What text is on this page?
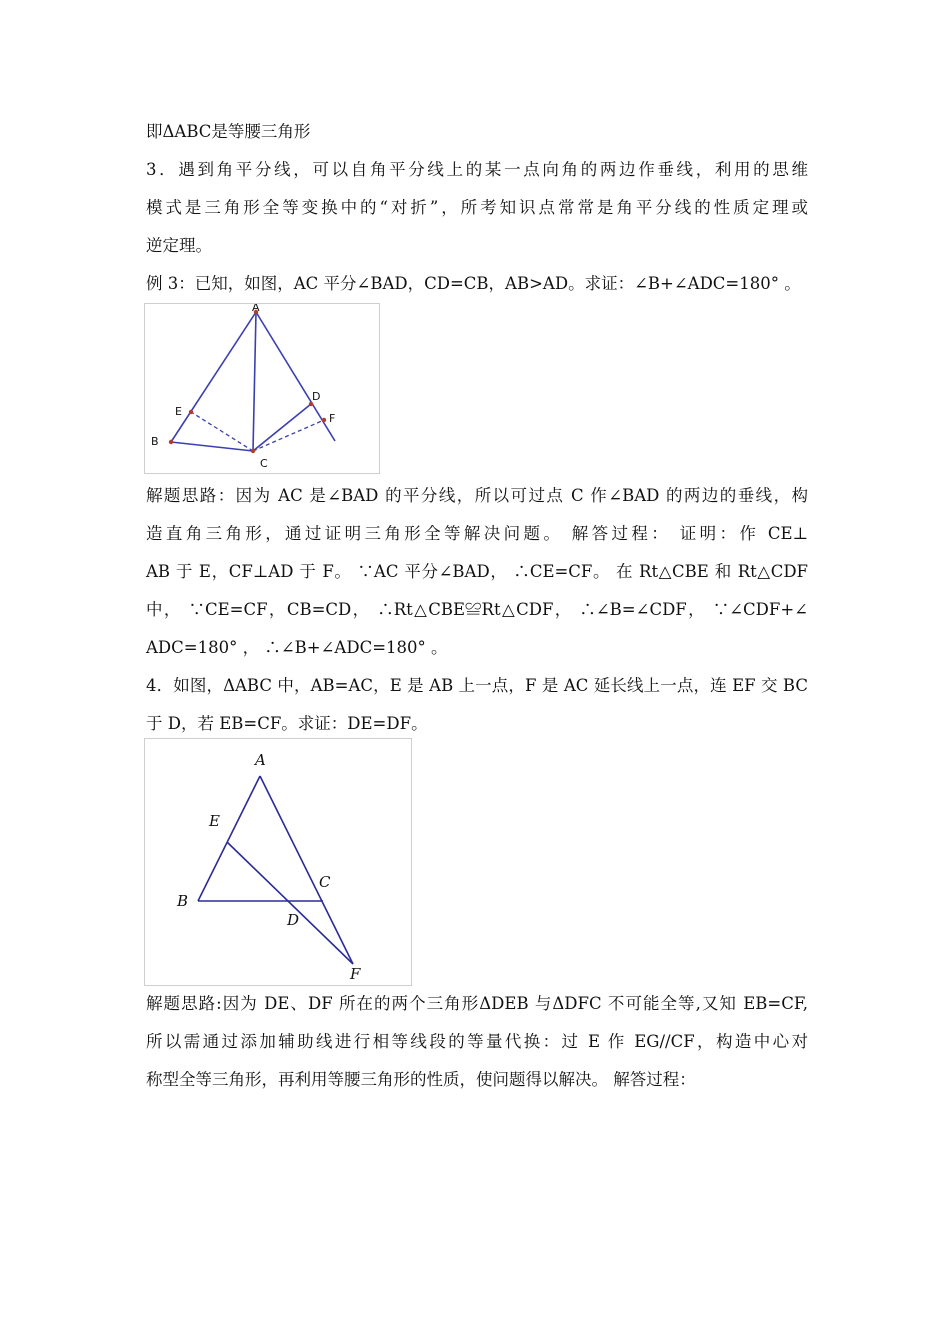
即ΔABC是等腰三角形
3．遇到角平分线，可以自角平分线上的某一点向角的两边作垂线，利用的思维
模式是三角形全等变换中的“对折”，所考知识点常常是角平分线的性质定理或
逆定理。
例 3：已知，如图，AC 平分∠BAD，CD=CB，AB>AD。求证：∠B+∠ADC=180° 。
A
D
E
F
B
C
解题思路：因为 AC 是∠BAD 的平分线，所以可过点 C 作∠BAD 的两边的垂线，构
造直角三角形，通过证明三角形全等解决问题。 解答过程： 证明：作 CE⊥
AB 于 E，CF⊥AD 于 F。 ∵AC 平分∠BAD， ∴CE=CF。 在 Rt△CBE 和 Rt△CDF
中， ∵CE=CF，CB=CD， ∴Rt△CBE≌Rt△CDF， ∴∠B=∠CDF， ∵∠CDF+∠
ADC=180° ， ∴∠B+∠ADC=180° 。
4．如图，ΔABC 中，AB=AC，E 是 AB 上一点，F 是 AC 延长线上一点，连 EF 交 BC
于 D，若 EB=CF。求证：DE=DF。
A
E
C
B
D
F
解题思路:因为 DE、DF 所在的两个三角形ΔDEB 与ΔDFC 不可能全等,又知 EB=CF,
所以需通过添加辅助线进行相等线段的等量代换：过 E 作 EG//CF，构造中心对
称型全等三角形，再利用等腰三角形的性质，使问题得以解决。 解答过程：
